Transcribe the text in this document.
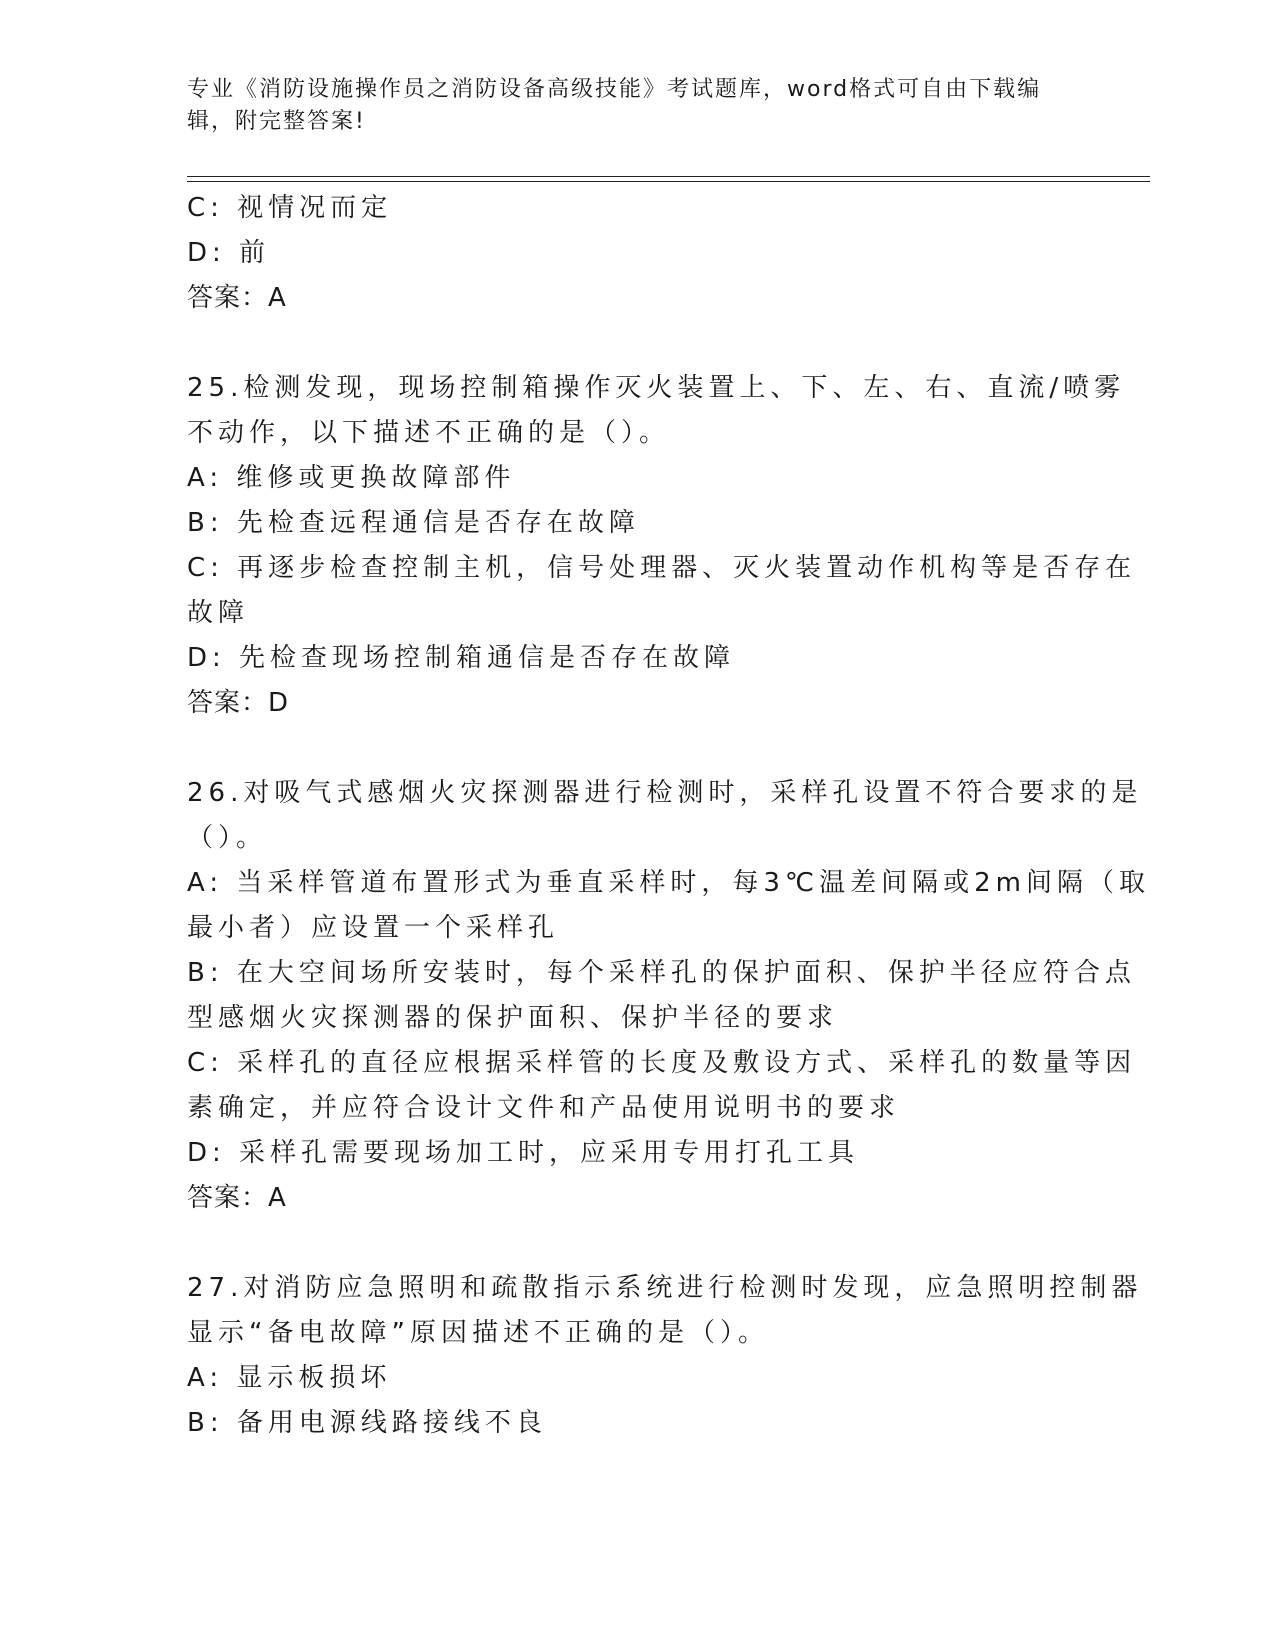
专业《消防设施操作员之消防设备高级技能》考试题库，word格式可自由下载编
辑，附完整答案!
C: 视情况而定
D: 前
答案：A
25.检测发现，现场控制箱操作灭火装置上、下、左、右、直流/喷雾
不动作，以下描述不正确的是（）。
A: 维修或更换故障部件
B: 先检查远程通信是否存在故障
C: 再逐步检查控制主机，信号处理器、灭火装置动作机构等是否存在
故障
D: 先检查现场控制箱通信是否存在故障
答案：D
26.对吸气式感烟火灾探测器进行检测时，采样孔设置不符合要求的是
（）。
A: 当采样管道布置形式为垂直采样时，每3℃温差间隔或2m间隔（取
最小者）应设置一个采样孔
B: 在大空间场所安装时，每个采样孔的保护面积、保护半径应符合点
型感烟火灾探测器的保护面积、保护半径的要求
C: 采样孔的直径应根据采样管的长度及敷设方式、采样孔的数量等因
素确定，并应符合设计文件和产品使用说明书的要求
D: 采样孔需要现场加工时，应采用专用打孔工具
答案：A
27.对消防应急照明和疏散指示系统进行检测时发现，应急照明控制器
显示“备电故障”原因描述不正确的是（）。
A: 显示板损坏
B: 备用电源线路接线不良
